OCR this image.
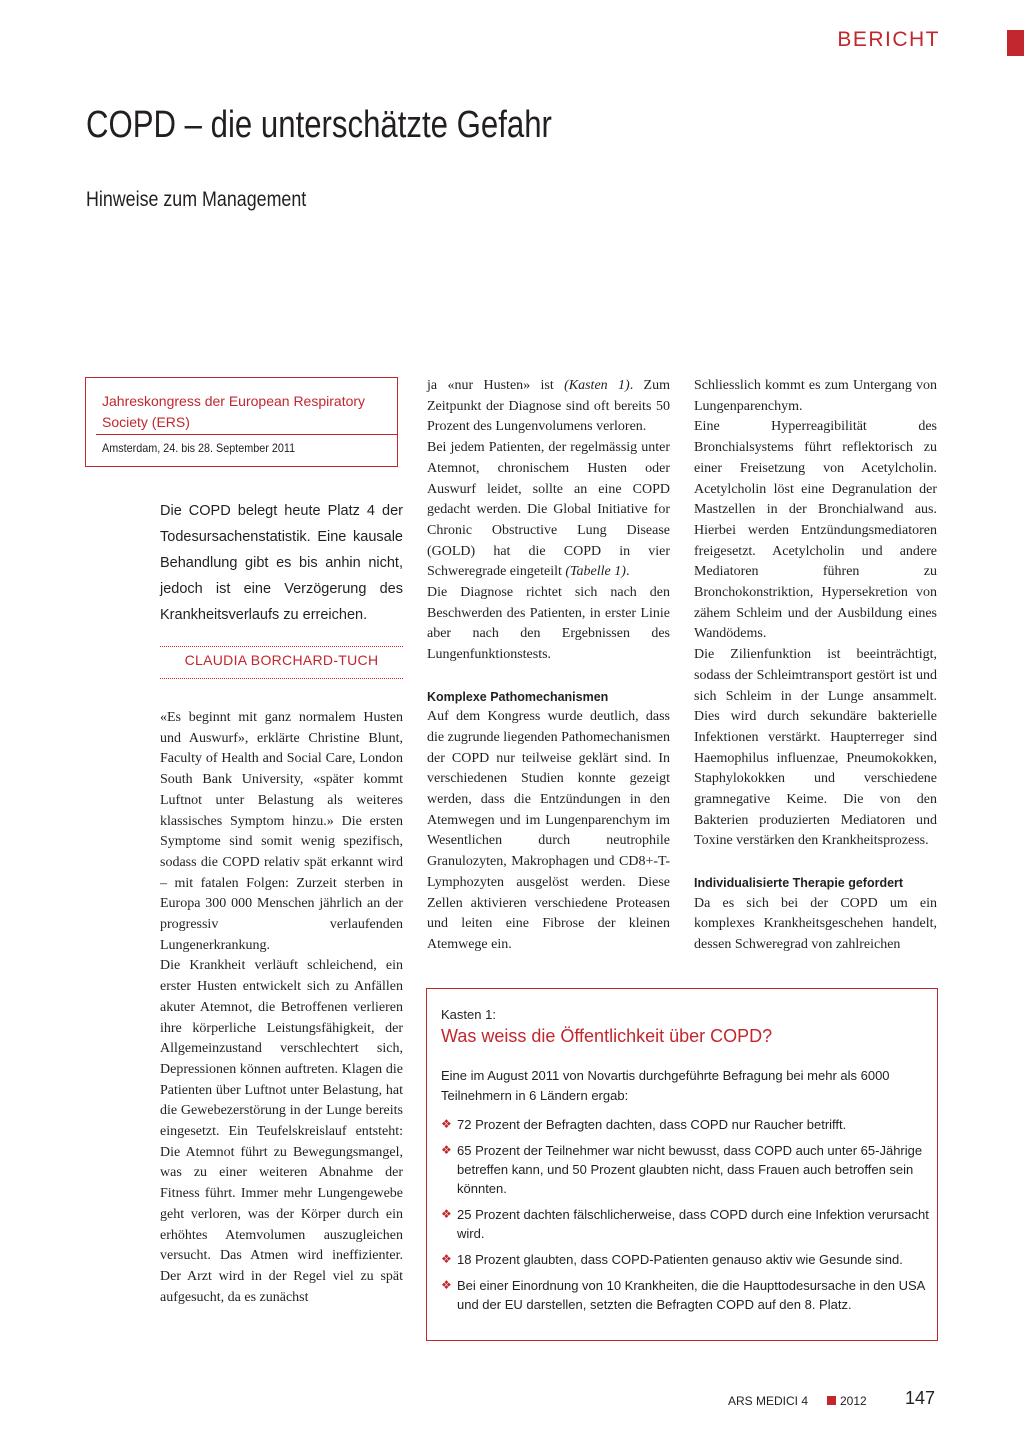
BERICHT
COPD – die unterschätzte Gefahr
Hinweise zum Management
Jahreskongress der European Respiratory Society (ERS)
Amsterdam, 24. bis 28. September 2011
Die COPD belegt heute Platz 4 der Todesursachenstatistik. Eine kausale Behandlung gibt es bis anhin nicht, jedoch ist eine Verzögerung des Krankheitsverlaufs zu erreichen.
CLAUDIA BORCHARD-TUCH

«Es beginnt mit ganz normalem Husten und Auswurf», erklärte Christine Blunt, Faculty of Health and Social Care, London South Bank University, «später kommt Luftnot unter Belastung als weiteres klassisches Symptom hinzu.» Die ersten Symptome sind somit wenig spezifisch, sodass die COPD relativ spät erkannt wird – mit fatalen Folgen: Zurzeit sterben in Europa 300 000 Menschen jährlich an der progressiv verlaufenden Lungenerkrankung.

Die Krankheit verläuft schleichend, ein erster Husten entwickelt sich zu Anfällen akuter Atemnot, die Betroffenen verlieren ihre körperliche Leistungsfähigkeit, der Allgemeinzustand verschlechtert sich, Depressionen können auftreten. Klagen die Patienten über Luftnot unter Belastung, hat die Gewebezerstörung in der Lunge bereits eingesetzt. Ein Teufelskreislauf entsteht: Die Atemnot führt zu Bewegungsmangel, was zu einer weiteren Abnahme der Fitness führt. Immer mehr Lungengewebe geht verloren, was der Körper durch ein erhöhtes Atemvolumen auszugleichen versucht. Das Atmen wird ineffizienter. Der Arzt wird in der Regel viel zu spät aufgesucht, da es zunächst

ja «nur Husten» ist (Kasten 1). Zum Zeitpunkt der Diagnose sind oft bereits 50 Prozent des Lungenvolumens verloren.

Bei jedem Patienten, der regelmässig unter Atemnot, chronischem Husten oder Auswurf leidet, sollte an eine COPD gedacht werden. Die Global Initiative for Chronic Obstructive Lung Disease (GOLD) hat die COPD in vier Schweregrade eingeteilt (Tabelle 1).

Die Diagnose richtet sich nach den Beschwerden des Patienten, in erster Linie aber nach den Ergebnissen des Lungenfunktionstests.

Komplexe Pathomechanismen

Auf dem Kongress wurde deutlich, dass die zugrunde liegenden Pathomechanismen der COPD nur teilweise geklärt sind. In verschiedenen Studien konnte gezeigt werden, dass die Entzündungen in den Atemwegen und im Lungenparenchym im Wesentlichen durch neutrophile Granulozyten, Makrophagen und CD8+-T-Lymphozyten ausgelöst werden. Diese Zellen aktivieren verschiedene Proteasen und leiten eine Fibrose der kleinen Atemwege ein.

Schliesslich kommt es zum Untergang von Lungenparenchym.

Eine Hyperreagibilität des Bronchialsystems führt reflektorisch zu einer Freisetzung von Acetylcholin. Acetylcholin löst eine Degranulation der Mastzellen in der Bronchialwand aus. Hierbei werden Entzündungsmediatoren freigesetzt. Acetylcholin und andere Mediatoren führen zu Bronchokonstriktion, Hypersekretion von zähem Schleim und der Ausbildung eines Wandödems.

Die Zilienfunktion ist beeinträchtigt, sodass der Schleimtransport gestört ist und sich Schleim in der Lunge ansammelt. Dies wird durch sekundäre bakterielle Infektionen verstärkt. Haupterreger sind Haemophilus influenzae, Pneumokokken, Staphylokokken und verschiedene gramnegative Keime. Die von den Bakterien produzierten Mediatoren und Toxine verstärken den Krankheitsprozess.

Individualisierte Therapie gefordert

Da es sich bei der COPD um ein komplexes Krankheitsgeschehen handelt, dessen Schweregrad von zahlreichen

Kasten 1:
Was weiss die Öffentlichkeit über COPD?
Eine im August 2011 von Novartis durchgeführte Befragung bei mehr als 6000 Teilnehmern in 6 Ländern ergab:
❖ 72 Prozent der Befragten dachten, dass COPD nur Raucher betrifft.
❖ 65 Prozent der Teilnehmer war nicht bewusst, dass COPD auch unter 65-Jährige betreffen kann, und 50 Prozent glaubten nicht, dass Frauen auch betroffen sein könnten.
❖ 25 Prozent dachten fälschlicherweise, dass COPD durch eine Infektion verursacht wird.
❖ 18 Prozent glaubten, dass COPD-Patienten genauso aktiv wie Gesunde sind.
❖ Bei einer Einordnung von 10 Krankheiten, die die Haupttodesursache in den USA und der EU darstellen, setzten die Befragten COPD auf den 8. Platz.
ARS MEDICI 4	2012 147
